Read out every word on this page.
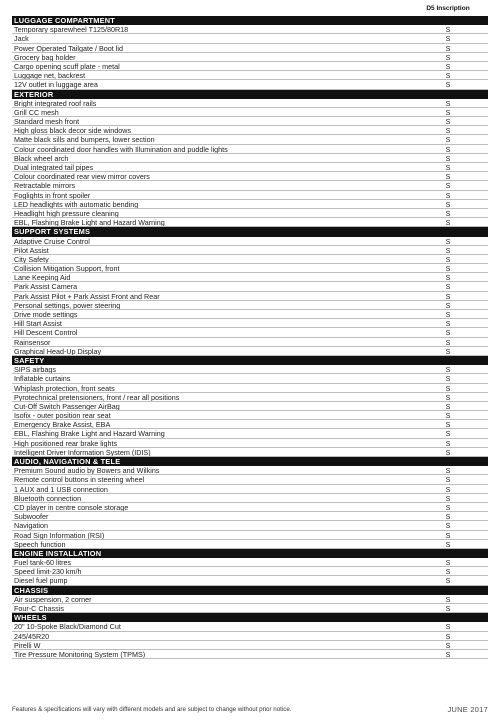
D5 Inscription
LUGGAGE COMPARTMENT
Temporary sparewheel T125/80R18	S
Jack	S
Power Operated Tailgate / Boot lid	S
Grocery bag holder	S
Cargo opening scuff plate - metal	S
Luggage net, backrest	S
12V outlet in luggage area	S
EXTERIOR
Bright integrated roof rails	S
Grill CC mesh	S
Standard mesh front	S
High gloss black decor side windows	S
Matte black sills and bumpers, lower section	S
Colour coordinated door handles with Illumination and puddle lights	S
Black wheel arch	S
Dual integrated tail pipes	S
Colour coordinated rear view mirror covers	S
Retractable mirrors	S
Foglights in front spoiler	S
LED headlights with automatic bending	S
Headlight high pressure cleaning	S
EBL, Flashing Brake Light and Hazard Warning	S
SUPPORT SYSTEMS
Adaptive Cruise Control	S
Pilot Assist	S
City Safety	S
Collision Mitigation Support, front	S
Lane Keeping Aid	S
Park Assist Camera	S
Park Assist Pilot + Park Assist Front and Rear	S
Personal settings, power steering	S
Drive mode settings	S
Hill Start Assist	S
Hill Descent Control	S
Rainsensor	S
Graphical Head-Up Display	S
SAFETY
SIPS airbags	S
Inflatable curtains	S
Whiplash protection, front seats	S
Pyrotechnical pretensioners, front / rear all positions	S
Cut-Off Switch Passenger AirBag	S
Isofix - outer position rear seat	S
Emergency Brake Assist, EBA	S
EBL, Flashing Brake Light and Hazard Warning	S
High positioned rear brake lights	S
Intelligent Driver Information System (IDIS)	S
AUDIO, NAVIGATION & TELE
Premium Sound audio by Bowers and Wilkins	S
Remote control buttons in steering wheel	S
1 AUX and 1 USB connection	S
Bluetooth connection	S
CD player in centre console storage	S
Subwoofer	S
Navigation	S
Road Sign Information (RSI)	S
Speech function	S
ENGINE INSTALLATION
Fuel tank-60 litres	S
Speed limit-230 km/h	S
Diesel fuel pump	S
CHASSIS
Air suspension, 2 corner	S
Four-C Chassis	S
WHEELS
20" 10-Spoke Black/Diamond Cut	S
245/45R20	S
Pirelli W	S
Tire Pressure Monitoring System (TPMS)	S
Features & specifications will vary with different models and are subject to change without prior notice.	JUNE 2017
